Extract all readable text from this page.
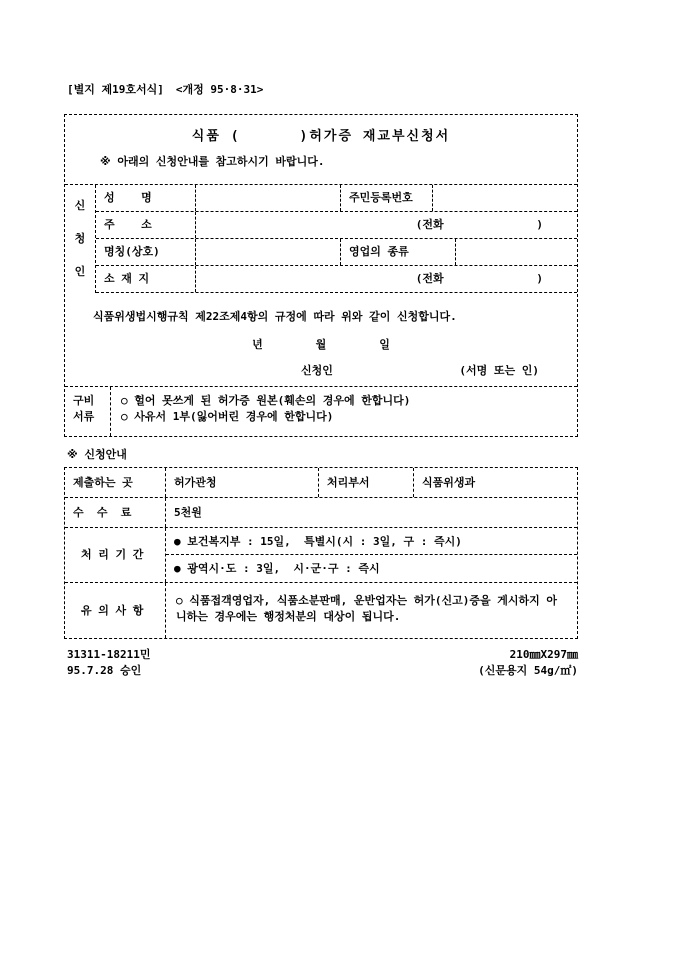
[별지 제19호서식] <개정 95·8·31>
식품 (      )허가증 재교부신청서
※ 아래의 신청안내를 참고하시기 바랍니다.
신
청
인
성    명	주민등록번호
주    소	(전화              )
명칭(상호)	영업의 종류
소 재 지	(전화              )
식품위생법시행규칙 제22조제4항의 규정에 따라 위와 같이 신청합니다.
년        월        일
신청인	(서명 또는 인)
구비
서류
○ 헐어 못쓰게 된 허가증 원본(훼손의 경우에 한합니다)
○ 사유서 1부(잃어버린 경우에 한합니다)
※ 신청안내
제출하는 곳	허가관청	처리부서	식품위생과
수  수  료	5천원
처 리 기 간
● 보건복지부 : 15일,  특별시(시 : 3일, 구 : 즉시)
● 광역시·도 : 3일,  시·군·구 : 즉시
유 의 사 항
○ 식품접객영업자, 식품소분판매, 운반업자는 허가(신고)증을 게시하지 아니하는 경우에는 행정처분의 대상이 됩니다.
31311-18211민
95.7.28 승인
210㎜X297㎜
(신문용지 54g/㎡)
